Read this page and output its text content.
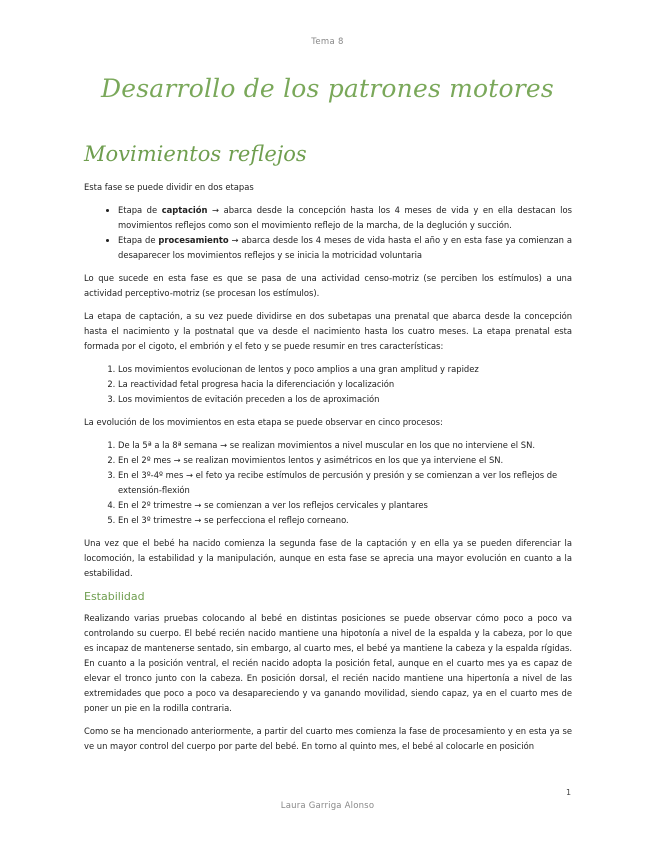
Tema 8
Desarrollo de los patrones motores
Movimientos reflejos

Esta fase se puede dividir en dos etapas

• Etapa de captación → abarca desde la concepción hasta los 4 meses de vida y en ella destacan los movimientos reflejos como son el movimiento reflejo de la marcha, de la deglución y succión.
• Etapa de procesamiento → abarca desde los 4 meses de vida hasta el año y en esta fase ya comienzan a desaparecer los movimientos reflejos y se inicia la motricidad voluntaria

Lo que sucede en esta fase es que se pasa de una actividad censo-motriz (se perciben los estímulos) a una actividad perceptivo-motriz (se procesan los estímulos).

La etapa de captación, a su vez puede dividirse en dos subetapas una prenatal que abarca desde la concepción hasta el nacimiento y la postnatal que va desde el nacimiento hasta los cuatro meses. La etapa prenatal esta formada por el cigoto, el embrión y el feto y se puede resumir en tres características:

1. Los movimientos evolucionan de lentos y poco amplios a una gran amplitud y rapidez
2. La reactividad fetal progresa hacia la diferenciación y localización
3. Los movimientos de evitación preceden a los de aproximación

La evolución de los movimientos en esta etapa se puede observar en cinco procesos:

1. De la 5ª a la 8ª semana → se realizan movimientos a nivel muscular en los que no interviene el SN.
2. En el 2º mes → se realizan movimientos lentos y asimétricos en los que ya interviene el SN.
3. En el 3º-4º mes → el feto ya recibe estímulos de percusión y presión y se comienzan a ver los reflejos de extensión-flexión
4. En el 2º trimestre → se comienzan a ver los reflejos cervicales y plantares
5. En el 3º trimestre → se perfecciona el reflejo corneano.

Una vez que el bebé ha nacido comienza la segunda fase de la captación y en ella ya se pueden diferenciar la locomoción, la estabilidad y la manipulación, aunque en esta fase se aprecia una mayor evolución en cuanto a la estabilidad.

Estabilidad

Realizando varias pruebas colocando al bebé en distintas posiciones se puede observar cómo poco a poco va controlando su cuerpo. El bebé recién nacido mantiene una hipotonía a nivel de la espalda y la cabeza, por lo que es incapaz de mantenerse sentado, sin embargo, al cuarto mes, el bebé ya mantiene la cabeza y la espalda rígidas. En cuanto a la posición ventral, el recién nacido adopta la posición fetal, aunque en el cuarto mes ya es capaz de elevar el tronco junto con la cabeza. En posición dorsal, el recién nacido mantiene una hipertonía a nivel de las extremidades que poco a poco va desapareciendo y va ganando movilidad, siendo capaz, ya en el cuarto mes de poner un pie en la rodilla contraria.

Como se ha mencionado anteriormente, a partir del cuarto mes comienza la fase de procesamiento y en esta ya se ve un mayor control del cuerpo por parte del bebé. En torno al quinto mes, el bebé al colocarle en posición

1
Laura Garriga Alonso
